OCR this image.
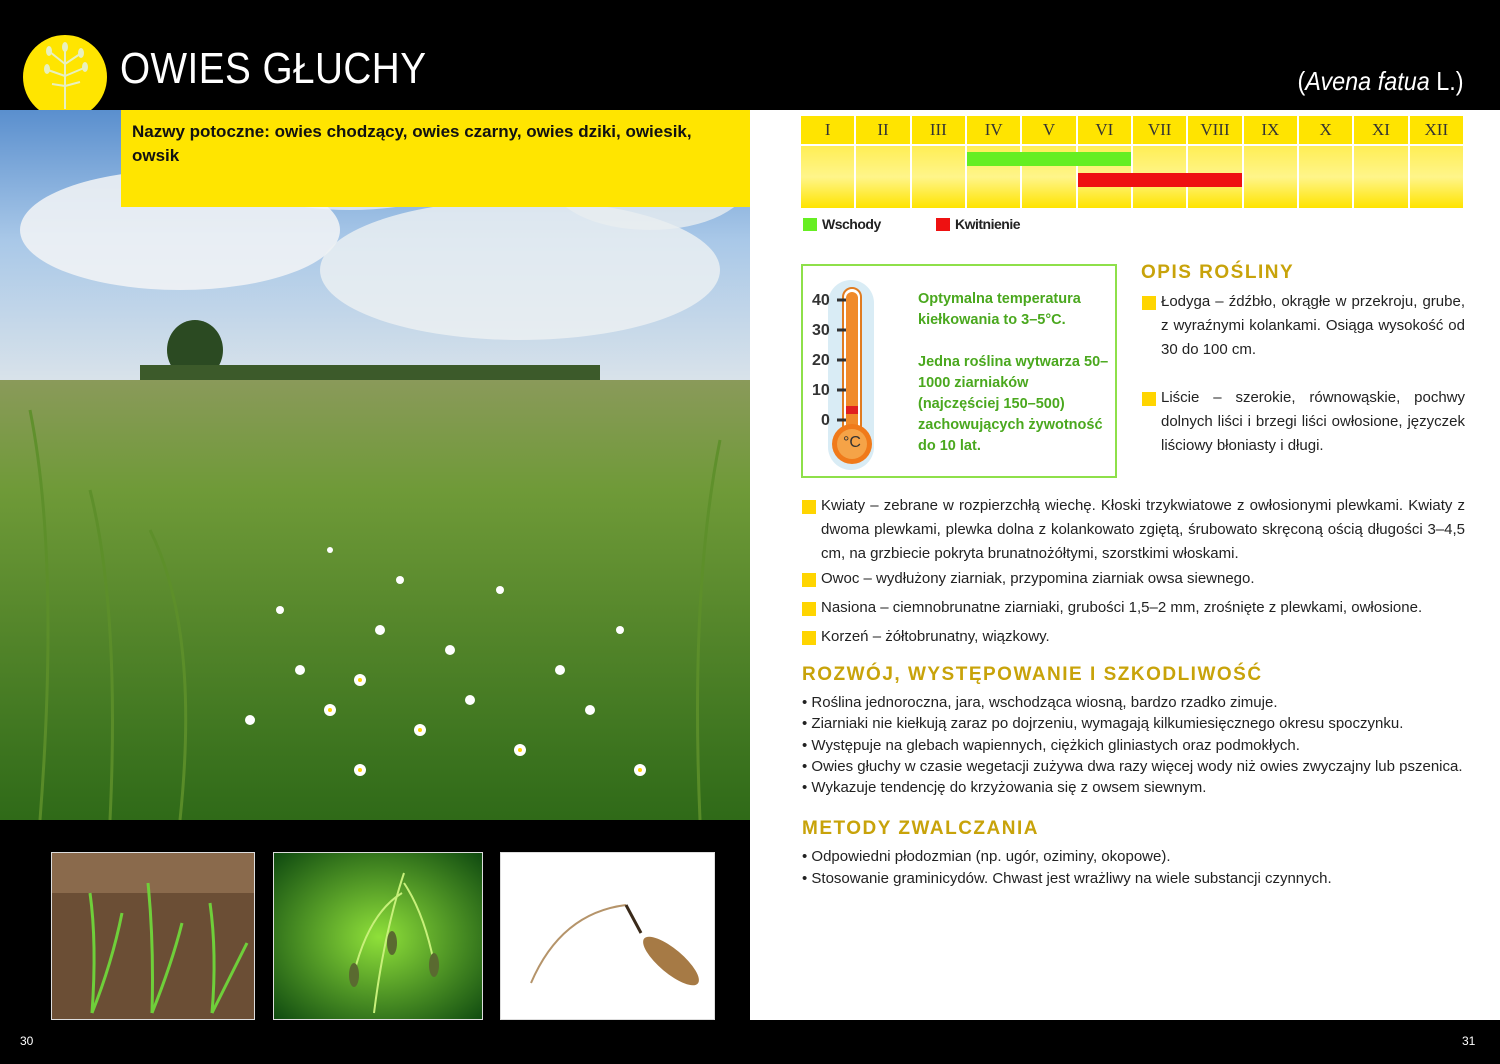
OWIES GŁUCHY	(Avena fatua L.)
Nazwy potoczne: owies chodzący, owies czarny, owies dziki, owiesik, owsik
30
I	II	III	IV	V	VI	VII	VIII	IX	X	XI	XII
Wschody	Kwitnienie
40
30
20
10
0
°C
Optymalna temperatura kiełkowania to 3–5°C.
Jedna roślina wytwarza 50–1000 ziarniaków (najczęściej 150–500) zachowujących żywotność do 10 lat.
OPIS ROŚLINY
Łodyga – źdźbło, okrągłe w przekroju, grube, z wyraźnymi kolankami. Osiąga wysokość od 30 do 100 cm.
Liście – szerokie, równowąskie, pochwy dolnych liści i brzegi liści owłosione, języczek liściowy błoniasty i długi.
Kwiaty – zebrane w rozpierzchłą wiechę. Kłoski trzykwiatowe z owłosionymi plewkami. Kwiaty z dwoma plewkami, plewka dolna z kolankowato zgiętą, śrubowato skręconą ością długości 3–4,5 cm, na grzbiecie pokryta brunatnożółtymi, szorstkimi włoskami.
Owoc – wydłużony ziarniak, przypomina ziarniak owsa siewnego.
Nasiona – ciemnobrunatne ziarniaki, grubości 1,5–2 mm, zrośnięte z plewkami, owłosione.
Korzeń – żółtobrunatny, wiązkowy.
ROZWÓJ, WYSTĘPOWANIE I SZKODLIWOŚĆ
• Roślina jednoroczna, jara, wschodząca wiosną, bardzo rzadko zimuje.
• Ziarniaki nie kiełkują zaraz po dojrzeniu, wymagają kilkumiesięcznego okresu spoczynku.
• Występuje na glebach wapiennych, ciężkich gliniastych oraz podmokłych.
• Owies głuchy w czasie wegetacji zużywa dwa razy więcej wody niż owies zwyczajny lub pszenica.
• Wykazuje tendencję do krzyżowania się z owsem siewnym.
METODY ZWALCZANIA
• Odpowiedni płodozmian (np. ugór, oziminy, okopowe).
• Stosowanie graminicydów. Chwast jest wrażliwy na wiele substancji czynnych.
31
